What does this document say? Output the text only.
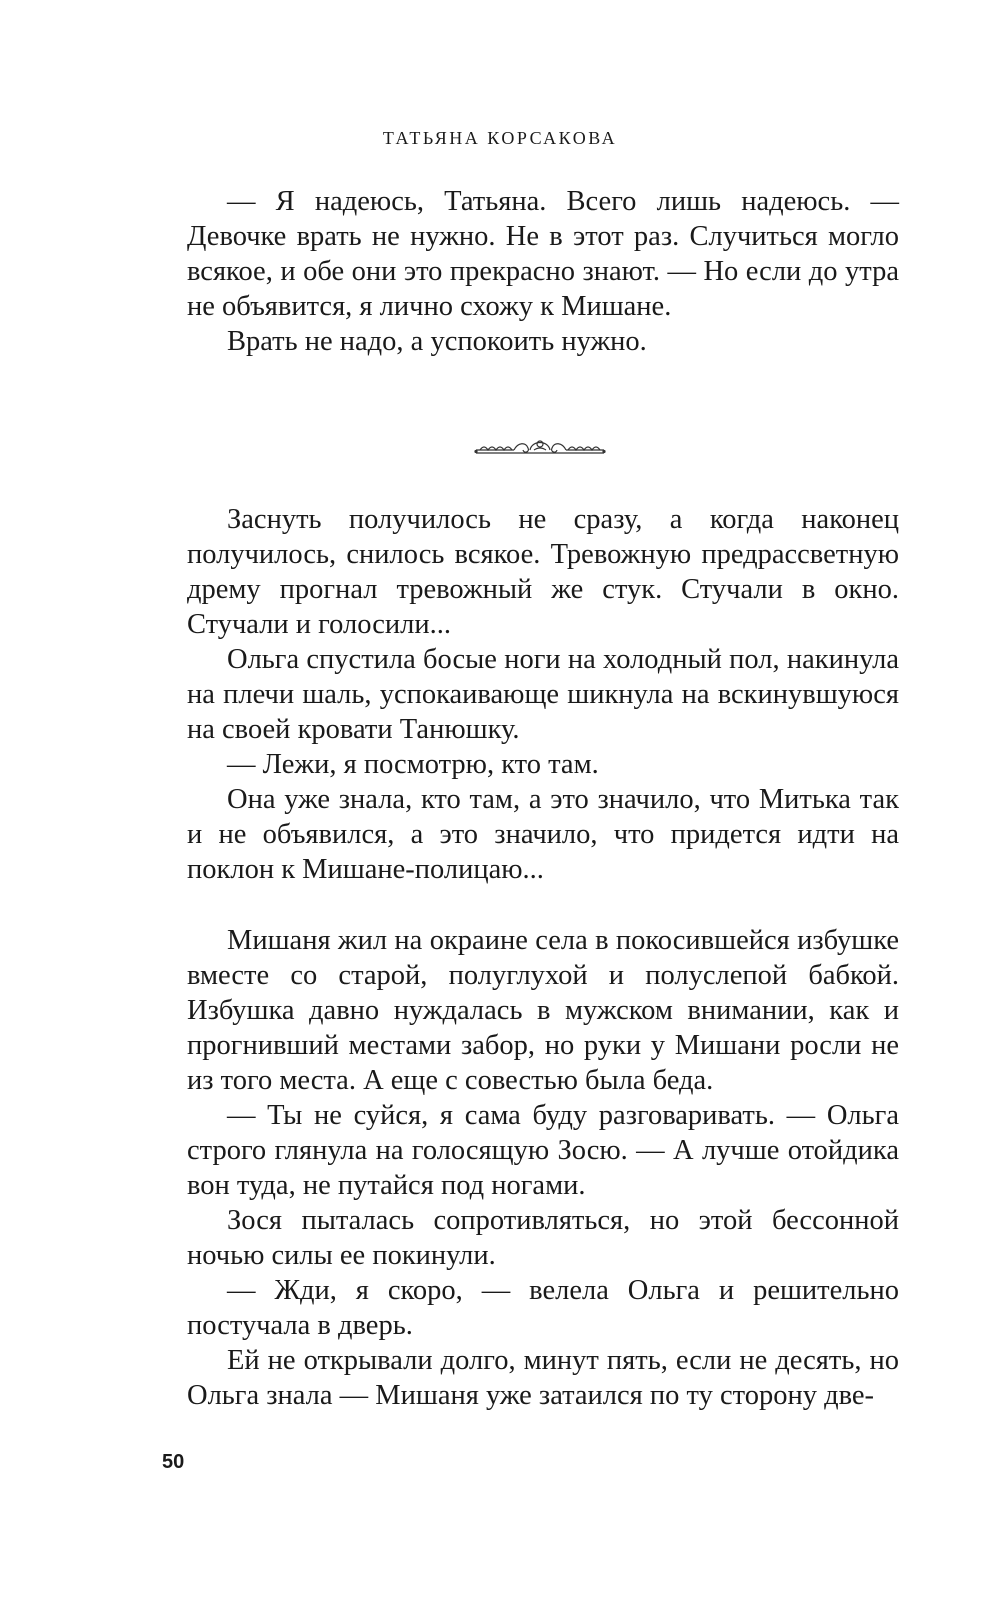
ТАТЬЯНА КОРСАКОВА

— Я надеюсь, Татьяна. Всего лишь надеюсь. — Девочке врать не нужно. Не в этот раз. Случиться могло всякое, и обе они это прекрасно знают. — Но если до утра не объявится, я лично схожу к Мишане.

Врать не надо, а успокоить нужно.

Заснуть получилось не сразу, а когда наконец получилось, снилось всякое. Тревожную предрассветную дрему прогнал тревожный же стук. Стучали в окно. Стучали и голосили...

Ольга спустила босые ноги на холодный пол, накинула на плечи шаль, успокаивающе шикнула на вскинувшуюся на своей кровати Танюшку.

— Лежи, я посмотрю, кто там.

Она уже знала, кто там, а это значило, что Митька так и не объявился, а это значило, что придется идти на поклон к Мишане-полицаю...

Мишаня жил на окраине села в покосившейся избушке вместе со старой, полуглухой и полуслепой бабкой. Избушка давно нуждалась в мужском внимании, как и прогнивший местами забор, но руки у Мишани росли не из того места. А еще с совестью была беда.

— Ты не суйся, я сама буду разговаривать. — Ольга строго глянула на голосящую Зосю. — А лучше отойдика вон туда, не путайся под ногами.

Зося пыталась сопротивляться, но этой бессонной ночью силы ее покинули.

— Жди, я скоро, — велела Ольга и решительно постучала в дверь.

Ей не открывали долго, минут пять, если не десять, но Ольга знала — Мишаня уже затаился по ту сторону две-

50
